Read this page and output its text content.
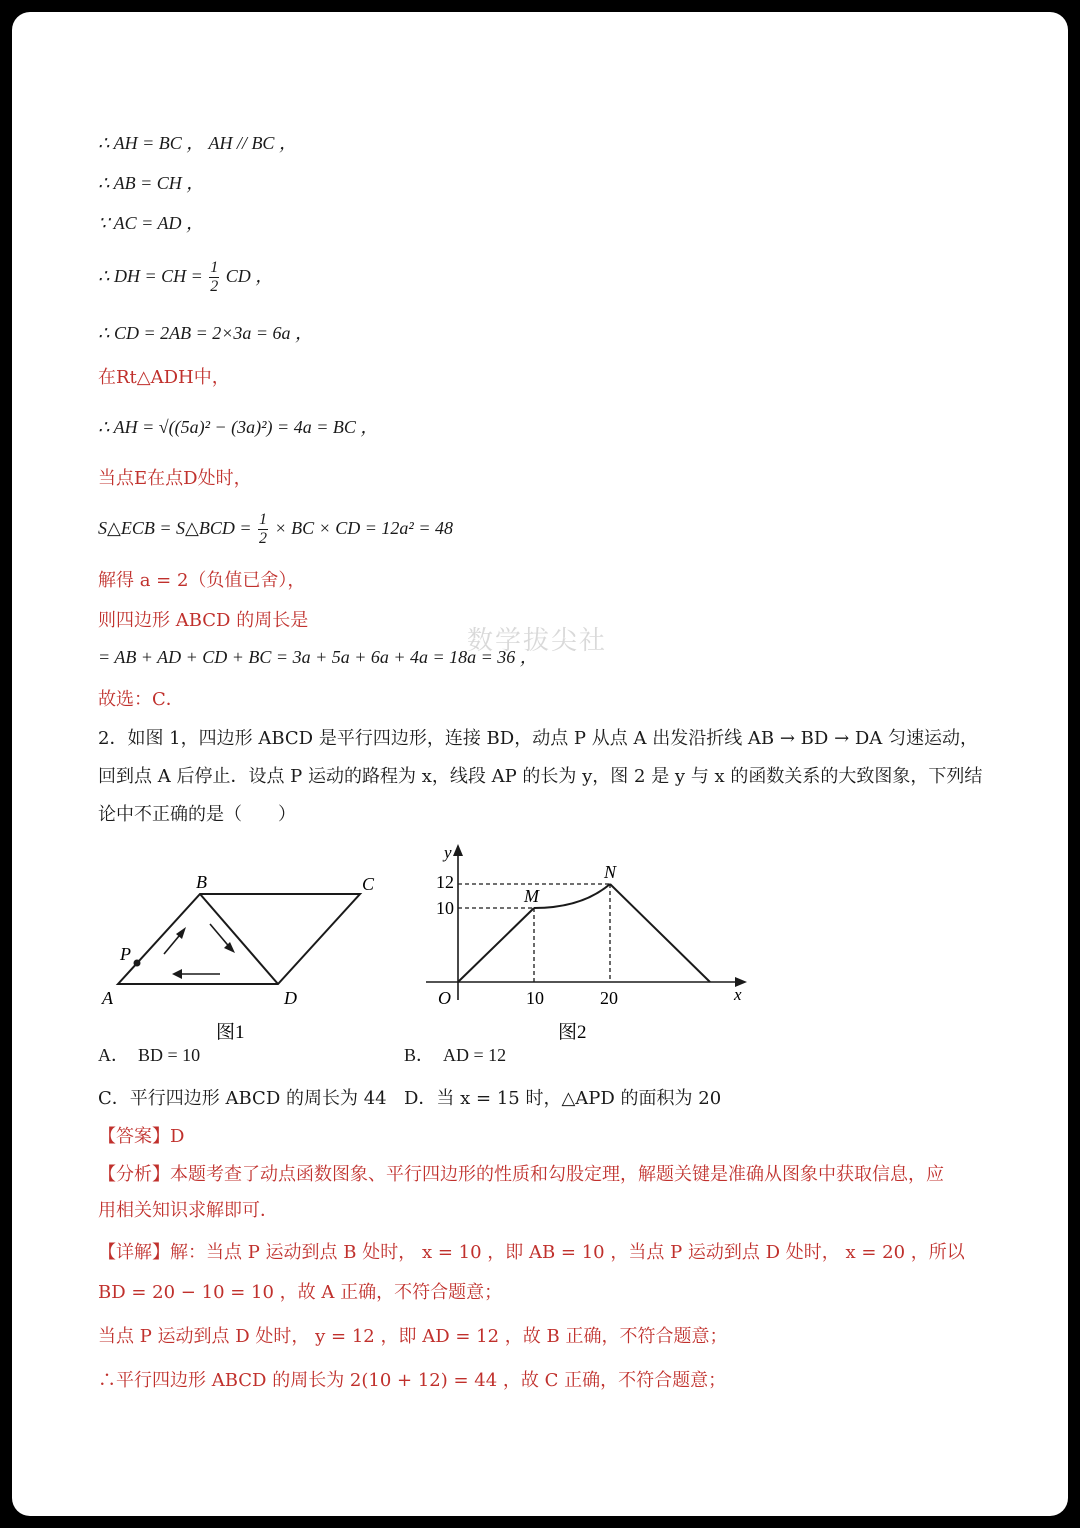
∴ AH = BC ， AH // BC ，
∴ AB = CH ，
∵ AC = AD ，
∴ DH = CH = $\frac{1}{2}$ CD ，
∴ CD = 2AB = 2×3a = 6a ，
在Rt△ADH中，
∴ AH = √((5a)² − (3a)²) = 4a = BC ，
当点E在点D处时，
S△ECB = S△BCD = $\frac{1}{2}$ × BC × CD = 12a² = 48
解得 a = 2（负值已舍），
则四边形 ABCD 的周长是
= AB + AD + CD + BC = 3a + 5a + 6a + 4a = 18a = 36 ，
故选：C．
数学拔尖社
2．如图 1，四边形 ABCD 是平行四边形，连接 BD，动点 P 从点 A 出发沿折线 AB → BD → DA 匀速运动，
回到点 A 后停止．设点 P 运动的路程为 x，线段 AP 的长为 y，图 2 是 y 与 x 的函数关系的大致图象，下列结
论中不正确的是（　　）
A
B	C
D
P
图1
y
x
12
10
O	10	20
M
N
图2
A．　BD = 10	B．　AD = 12
C．平行四边形 ABCD 的周长为 44 D．当 x = 15 时，△APD 的面积为 20
【答案】D
【分析】本题考查了动点函数图象、平行四边形的性质和勾股定理，解题关键是准确从图象中获取信息，应
用相关知识求解即可．
【详解】解：当点 P 运动到点 B 处时， x = 10 ，即 AB = 10 ，当点 P 运动到点 D 处时， x = 20 ，所以
BD = 20 − 10 = 10 ，故 A 正确，不符合题意；
当点 P 运动到点 D 处时， y = 12 ，即 AD = 12 ，故 B 正确，不符合题意；
∴平行四边形 ABCD 的周长为 2(10 + 12) = 44 ，故 C 正确，不符合题意；
